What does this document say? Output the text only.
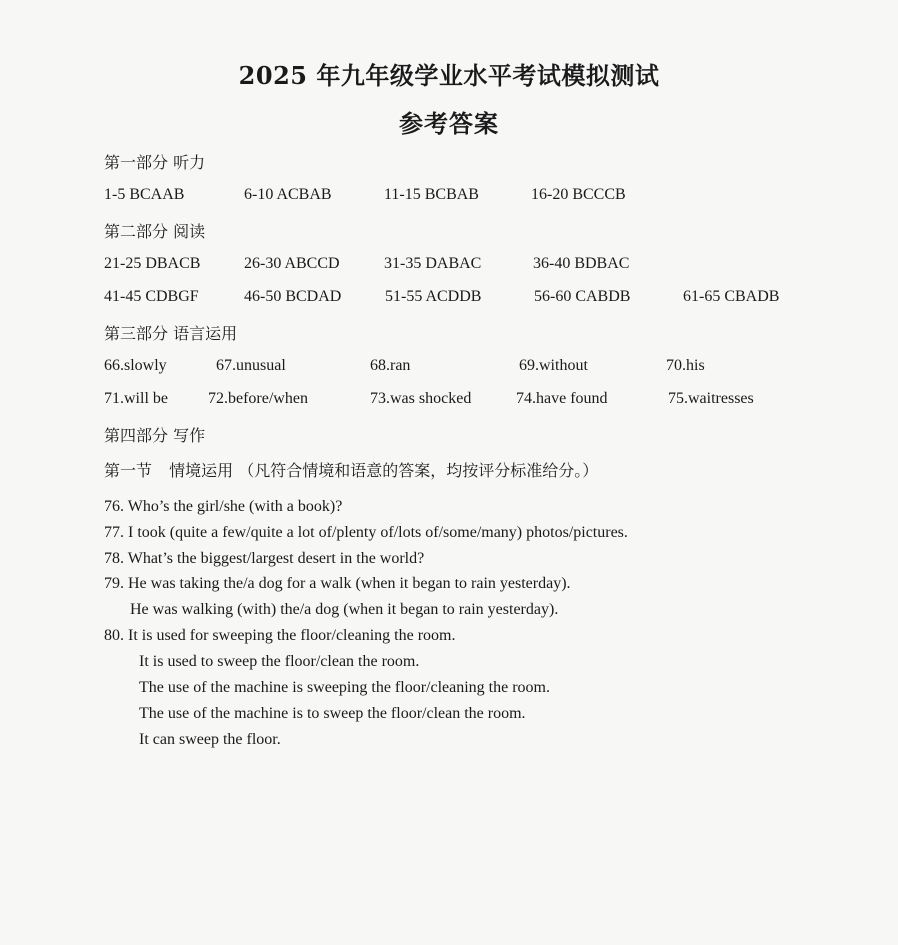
2025 年九年级学业水平考试模拟测试
参考答案
第一部分 听力
1-5 BCAAB	6-10 ACBAB	11-15 BCBAB	16-20 BCCCB
第二部分 阅读
21-25 DBACB	26-30 ABCCD	31-35 DABAC	36-40 BDBAC
41-45 CDBGF	46-50 BCDAD	51-55 ACDDB	56-60 CABDB	61-65 CBADB
第三部分 语言运用
66.slowly	67.unusual	68.ran	69.without	70.his
71.will be	72.before/when	73.was shocked	74.have found	75.waitresses
第四部分 写作
第一节 情境运用 （凡符合情境和语意的答案，均按评分标准给分。）
76. Who’s the girl/she (with a book)?
77. I took (quite a few/quite a lot of/plenty of/lots of/some/many) photos/pictures.
78. What’s the biggest/largest desert in the world?
79. He was taking the/a dog for a walk (when it began to rain yesterday).
He was walking (with) the/a dog (when it began to rain yesterday).
80. It is used for sweeping the floor/cleaning the room.
It is used to sweep the floor/clean the room.
The use of the machine is sweeping the floor/cleaning the room.
The use of the machine is to sweep the floor/clean the room.
It can sweep the floor.
